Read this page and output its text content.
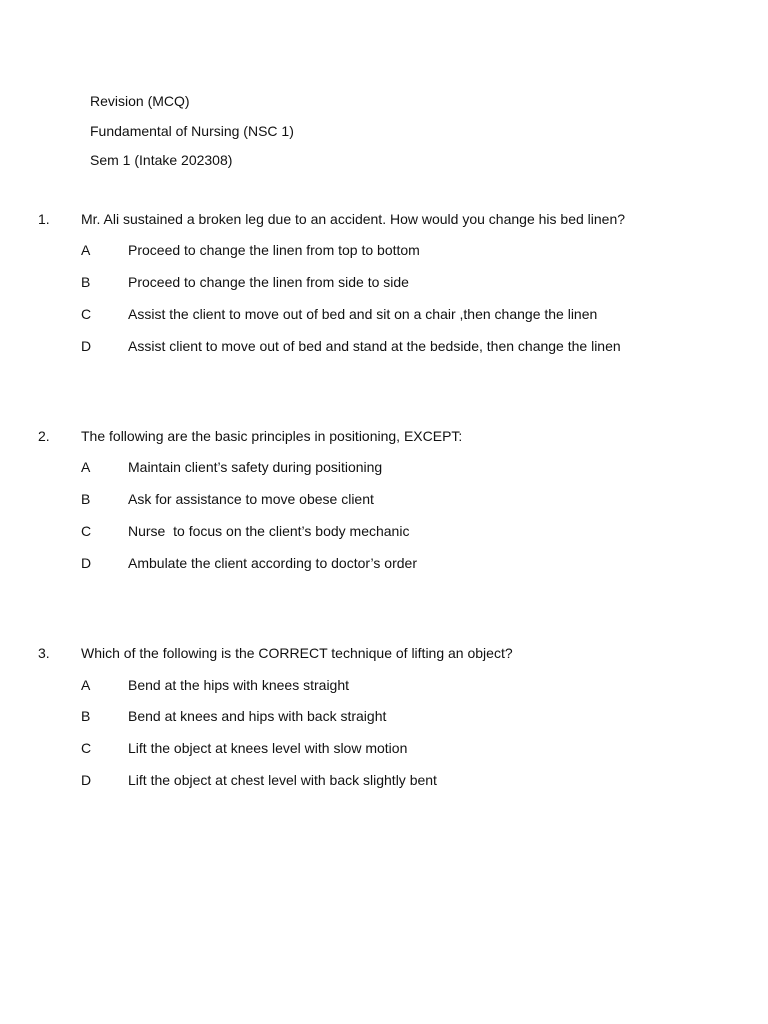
Revision (MCQ)
Fundamental of Nursing (NSC 1)
Sem 1 (Intake 202308)
1. Mr. Ali sustained a broken leg due to an accident. How would you change his bed linen?
A	Proceed to change the linen from top to bottom
B	Proceed to change the linen from side to side
C	Assist the client to move out of bed and sit on a chair ,then change the linen
D	Assist client to move out of bed and stand at the bedside, then change the linen
2. The following are the basic principles in positioning, EXCEPT:
A	Maintain client’s safety during positioning
B	Ask for assistance to move obese client
C	Nurse  to focus on the client’s body mechanic
D	Ambulate the client according to doctor’s order
3. Which of the following is the CORRECT technique of lifting an object?
A	Bend at the hips with knees straight
B	Bend at knees and hips with back straight
C	Lift the object at knees level with slow motion
D	Lift the object at chest level with back slightly bent
